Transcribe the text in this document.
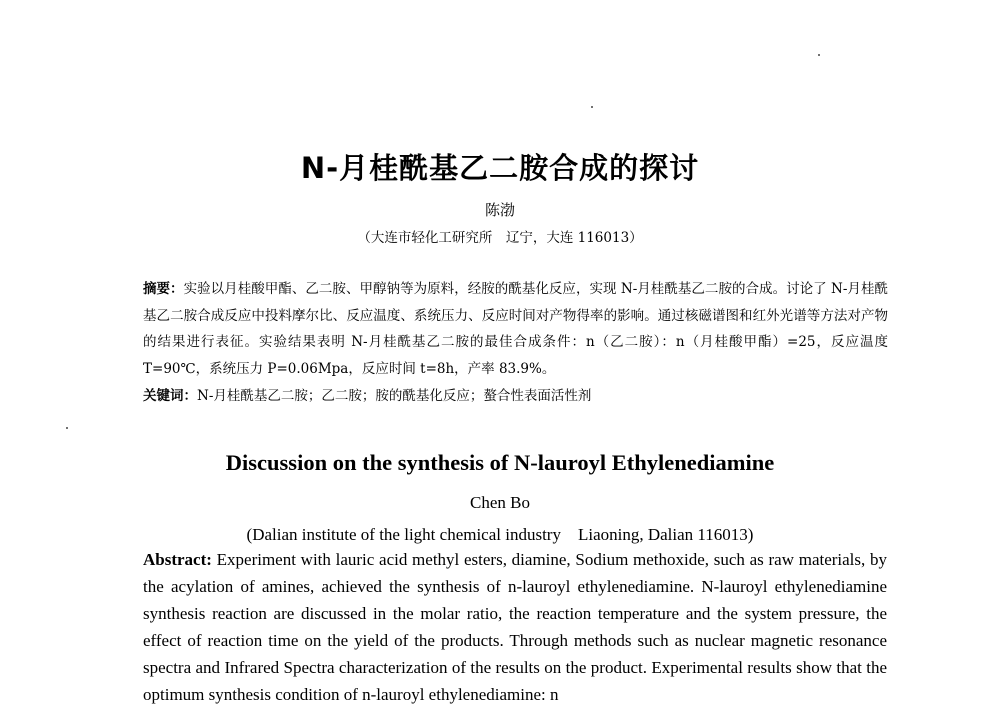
N-月桂酰基乙二胺合成的探讨
陈渤
（大连市轻化工研究所　辽宁，大连 116013）
摘要：实验以月桂酸甲酯、乙二胺、甲醇钠等为原料，经胺的酰基化反应，实现 N-月桂酰基乙二胺的合成。讨论了 N-月桂酰基乙二胺合成反应中投料摩尔比、反应温度、系统压力、反应时间对产物得率的影响。通过核磁谱图和红外光谱等方法对产物的结果进行表征。实验结果表明 N-月桂酰基乙二胺的最佳合成条件：n（乙二胺）：n（月桂酸甲酯）=25，反应温度 T=90℃，系统压力 P=0.06Mpa，反应时间 t=8h，产率 83.9%。
关键词：N-月桂酰基乙二胺；乙二胺；胺的酰基化反应；螯合性表面活性剂
Discussion on the synthesis of N-lauroyl Ethylenediamine
Chen Bo
(Dalian institute of the light chemical industry　Liaoning, Dalian 116013)
Abstract: Experiment with lauric acid methyl esters, diamine, Sodium methoxide, such as raw materials, by the acylation of amines, achieved the synthesis of n-lauroyl ethylenediamine. N-lauroyl ethylenediamine synthesis reaction are discussed in the molar ratio, the reaction temperature and the system pressure, the effect of reaction time on the yield of the products. Through methods such as nuclear magnetic resonance spectra and Infrared Spectra characterization of the results on the product. Experimental results show that the optimum synthesis condition of n-lauroyl ethylenediamine: n
